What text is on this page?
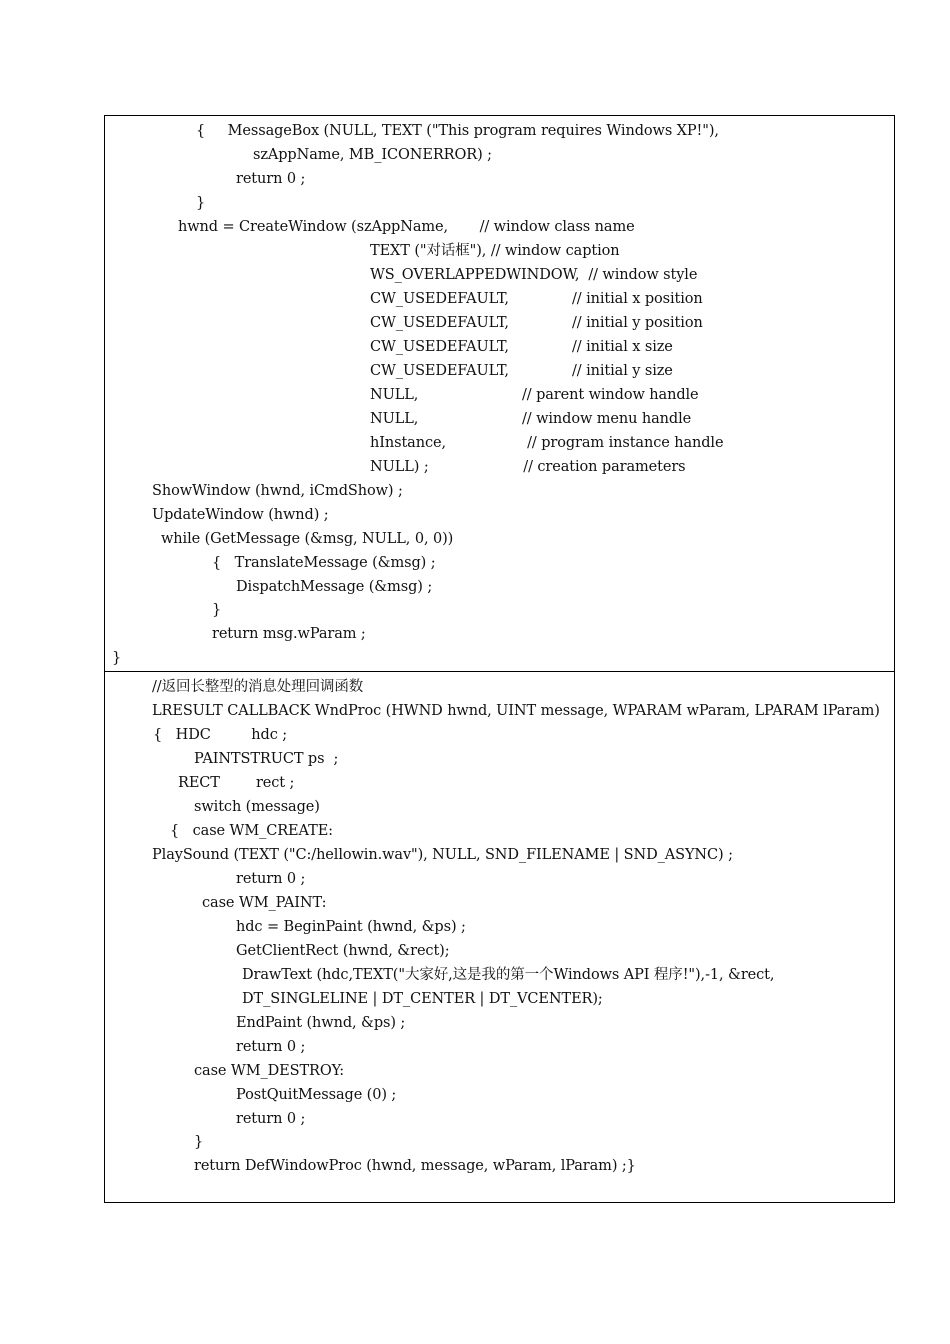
{     MessageBox (NULL, TEXT ("This program requires Windows XP!"),
szAppName, MB_ICONERROR) ;
return 0 ;
}
hwnd = CreateWindow (szAppName,       // window class name
TEXT ("对话框"), // window caption
WS_OVERLAPPEDWINDOW,  // window style
CW_USEDEFAULT,              // initial x position
CW_USEDEFAULT,              // initial y position
CW_USEDEFAULT,              // initial x size
CW_USEDEFAULT,              // initial y size
NULL,                       // parent window handle
NULL,                       // window menu handle
hInstance,                  // program instance handle
NULL) ;                     // creation parameters
ShowWindow (hwnd, iCmdShow) ;
UpdateWindow (hwnd) ;
while (GetMessage (&msg, NULL, 0, 0))
{   TranslateMessage (&msg) ;
DispatchMessage (&msg) ;
}
return msg.wParam ;
}
//返回长整型的消息处理回调函数
LRESULT CALLBACK WndProc (HWND hwnd, UINT message, WPARAM wParam, LPARAM lParam)
{   HDC         hdc ;
PAINTSTRUCT ps  ;
RECT        rect ;
switch (message)
{   case WM_CREATE:
PlaySound (TEXT ("C:/hellowin.wav"), NULL, SND_FILENAME | SND_ASYNC) ;
return 0 ;
case WM_PAINT:
hdc = BeginPaint (hwnd, &ps) ;
GetClientRect (hwnd, &rect);
DrawText (hdc,TEXT("大家好,这是我的第一个Windows API 程序!"),-1, &rect,
DT_SINGLELINE | DT_CENTER | DT_VCENTER);
EndPaint (hwnd, &ps) ;
return 0 ;
case WM_DESTROY:
PostQuitMessage (0) ;
return 0 ;
}
return DefWindowProc (hwnd, message, wParam, lParam) ;}
